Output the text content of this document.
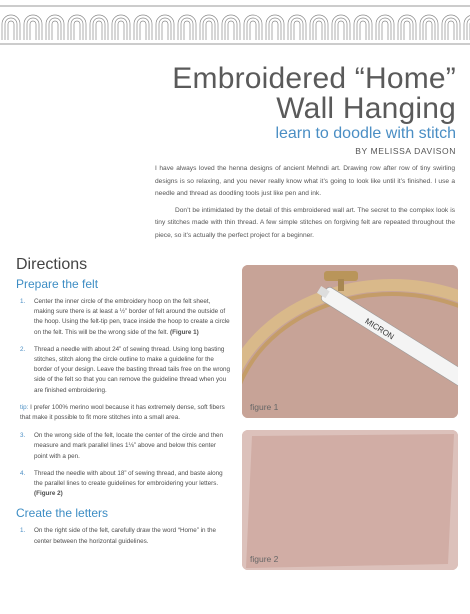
Embroidered “Home”
Wall Hanging
learn to doodle with stitch
BY MELISSA DAVISON

I have always loved the henna designs of ancient Mehndi art. Drawing row after row of tiny swirling designs is so relaxing, and you never really know what it’s going to look like until it’s finished. I use a needle and thread as doodling tools just like pen and ink.

Don’t be intimidated by the detail of this embroidered wall art. The secret to the complex look is tiny stitches made with thin thread. A few simple stitches on forgiving felt are repeated throughout the piece, so it’s actually the perfect project for a beginner.

Directions
Prepare the felt
1. Center the inner circle of the embroidery hoop on the felt sheet, making sure there is at least a ½” border of felt around the outside of the hoop. Using the felt-tip pen, trace inside the hoop to create a circle on the felt. This will be the wrong side of the felt. (Figure 1)
2. Thread a needle with about 24” of sewing thread. Using long basting stitches, stitch along the circle outline to make a guideline for the border of your design. Leave the basting thread tails free on the wrong side of the felt so that you can remove the guideline thread when you are finished embroidering.

tip: I prefer 100% merino wool because it has extremely dense, soft fibers that make it possible to fit more stitches into a small area.

3. On the wrong side of the felt, locate the center of the circle and then measure and mark parallel lines 1⅛” above and below this center point with a pen.
4. Thread the needle with about 18” of sewing thread, and baste along the parallel lines to create guidelines for embroidering your letters. (Figure 2)
Create the letters
1. On the right side of the felt, carefully draw the word “Home” in the center between the horizontal guidelines.
MICRON
figure 1
figure 2
